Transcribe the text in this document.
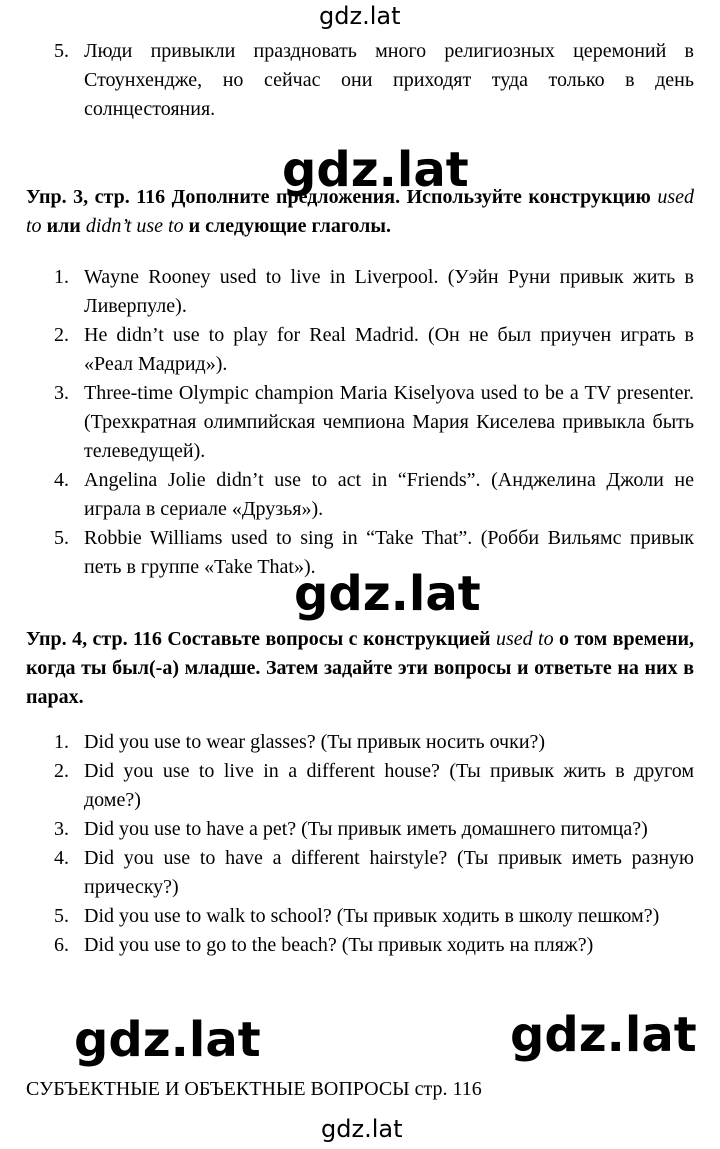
gdz.lat
5. Люди привыкли праздновать много религиозных церемоний в Стоунхендже, но сейчас они приходят туда только в день солнцестояния.

Упр. 3, стр. 116 Дополните предложения. Используйте конструкцию used to или didn’t use to и следующие глаголы.

1. Wayne Rooney used to live in Liverpool. (Уэйн Руни привык жить в Ливерпуле).
2. He didn’t use to play for Real Madrid. (Он не был приучен играть в «Реал Мадрид»).
3. Three-time Olympic champion Maria Kiselyova used to be a TV presenter. (Трехкратная олимпийская чемпиона Мария Киселева привыкла быть телеведущей).
4. Angelina Jolie didn’t use to act in “Friends”. (Анджелина Джоли не играла в сериале «Друзья»).
5. Robbie Williams used to sing in “Take That”. (Робби Вильямс привык петь в группе «Take That»).
gdz.lat
gdz.lat

Упр. 4, стр. 116 Составьте вопросы с конструкцией used to о том времени, когда ты был(-а) младше. Затем задайте эти вопросы и ответьте на них в парах.

1. Did you use to wear glasses? (Ты привык носить очки?)
2. Did you use to live in a different house? (Ты привык жить в другом доме?)
3. Did you use to have a pet? (Ты привык иметь домашнего питомца?)
4. Did you use to have a different hairstyle? (Ты привык иметь разную прическу?)
5. Did you use to walk to school? (Ты привык ходить в школу пешком?)
6. Did you use to go to the beach? (Ты привык ходить на пляж?)
gdz.lat	gdz.lat
СУБЪЕКТНЫЕ И ОБЪЕКТНЫЕ ВОПРОСЫ стр. 116
gdz.lat
